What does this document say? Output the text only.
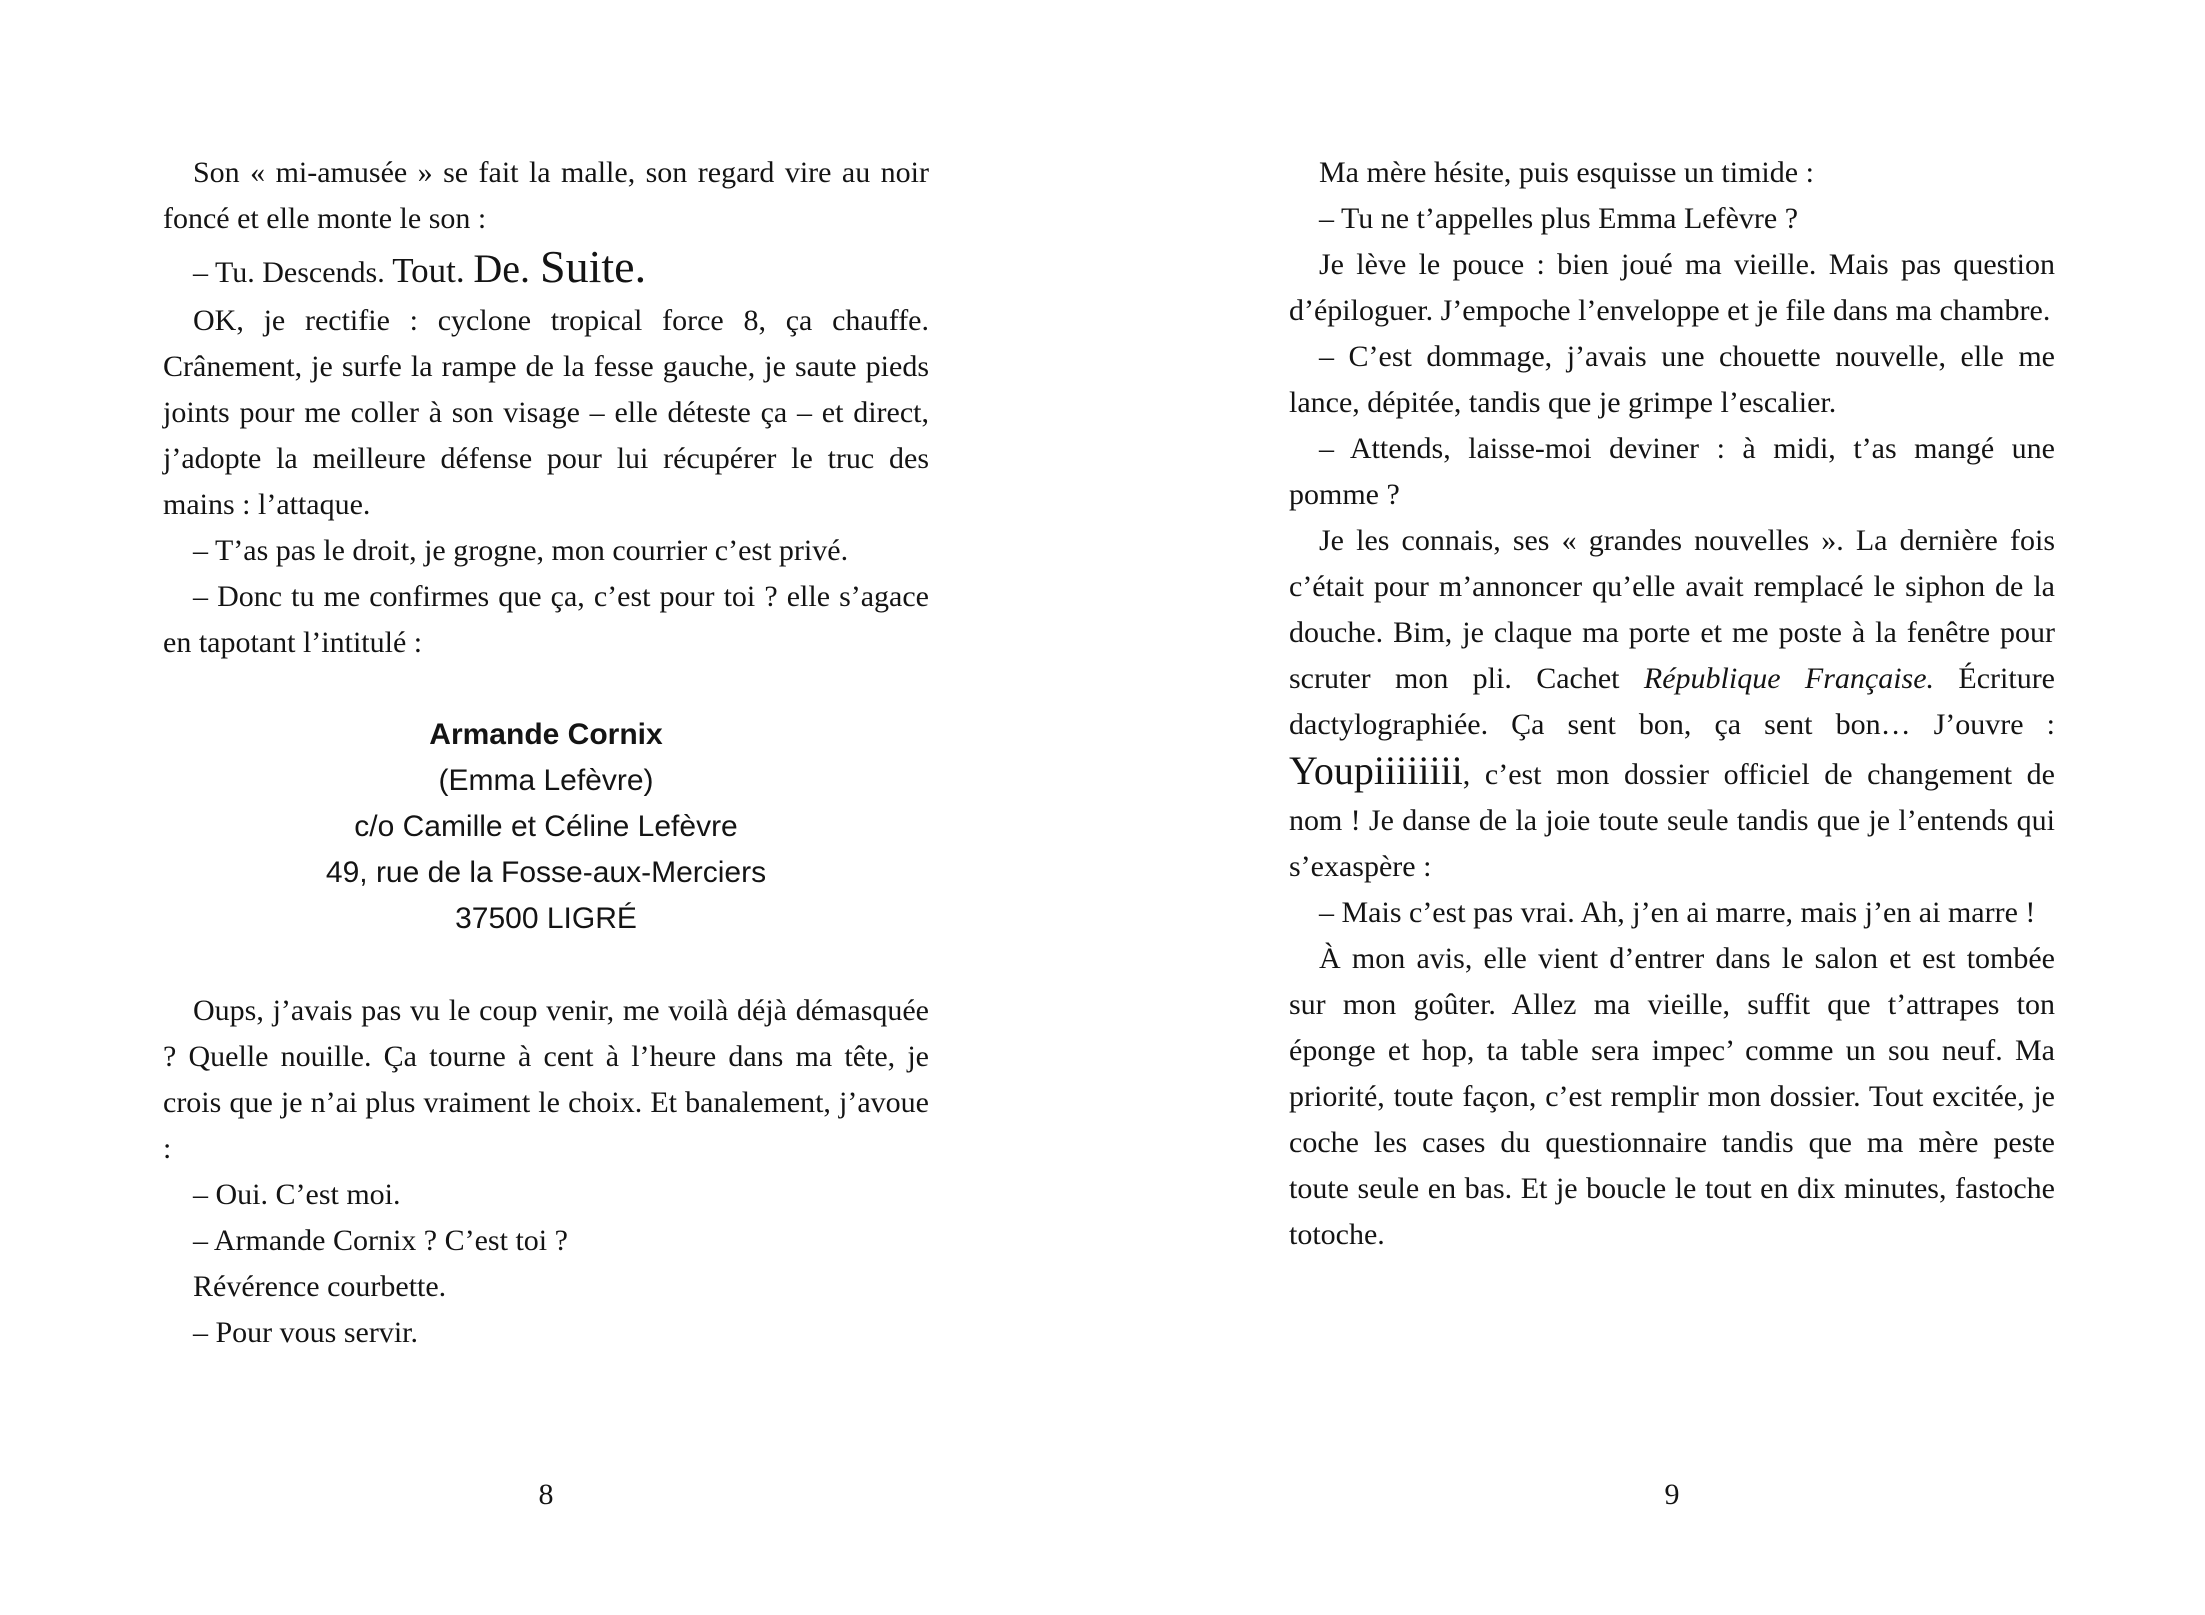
Son « mi-amusée » se fait la malle, son regard vire au noir foncé et elle monte le son :

– Tu. Descends. Tout. De. Suite.

OK, je rectifie : cyclone tropical force 8, ça chauffe. Crânement, je surfe la rampe de la fesse gauche, je saute pieds joints pour me coller à son visage – elle déteste ça – et direct, j’adopte la meilleure défense pour lui récupérer le truc des mains : l’attaque.

– T’as pas le droit, je grogne, mon courrier c’est privé.

– Donc tu me confirmes que ça, c’est pour toi ? elle s’agace en tapotant l’intitulé :

Armande Cornix
(Emma Lefèvre)
c/o Camille et Céline Lefèvre
49, rue de la Fosse-aux-Merciers
37500 LIGRÉ

Oups, j’avais pas vu le coup venir, me voilà déjà démasquée ? Quelle nouille. Ça tourne à cent à l’heure dans ma tête, je crois que je n’ai plus vraiment le choix. Et banalement, j’avoue :

– Oui. C’est moi.

– Armande Cornix ? C’est toi ?

Révérence courbette.

– Pour vous servir.

8

Ma mère hésite, puis esquisse un timide :

– Tu ne t’appelles plus Emma Lefèvre ?

Je lève le pouce : bien joué ma vieille. Mais pas question d’épiloguer. J’empoche l’enveloppe et je file dans ma chambre.

– C’est dommage, j’avais une chouette nouvelle, elle me lance, dépitée, tandis que je grimpe l’escalier.

– Attends, laisse-moi deviner : à midi, t’as mangé une pomme ?

Je les connais, ses « grandes nouvelles ». La dernière fois c’était pour m’annoncer qu’elle avait remplacé le siphon de la douche. Bim, je claque ma porte et me poste à la fenêtre pour scruter mon pli. Cachet République Française. Écriture dactylographiée. Ça sent bon, ça sent bon… J’ouvre : Youpiiiiiiii, c’est mon dossier officiel de changement de nom ! Je danse de la joie toute seule tandis que je l’entends qui s’exaspère :

– Mais c’est pas vrai. Ah, j’en ai marre, mais j’en ai marre !

À mon avis, elle vient d’entrer dans le salon et est tombée sur mon goûter. Allez ma vieille, suffit que t’attrapes ton éponge et hop, ta table sera impec’ comme un sou neuf. Ma priorité, toute façon, c’est remplir mon dossier. Tout excitée, je coche les cases du questionnaire tandis que ma mère peste toute seule en bas. Et je boucle le tout en dix minutes, fastoche totoche.

9
